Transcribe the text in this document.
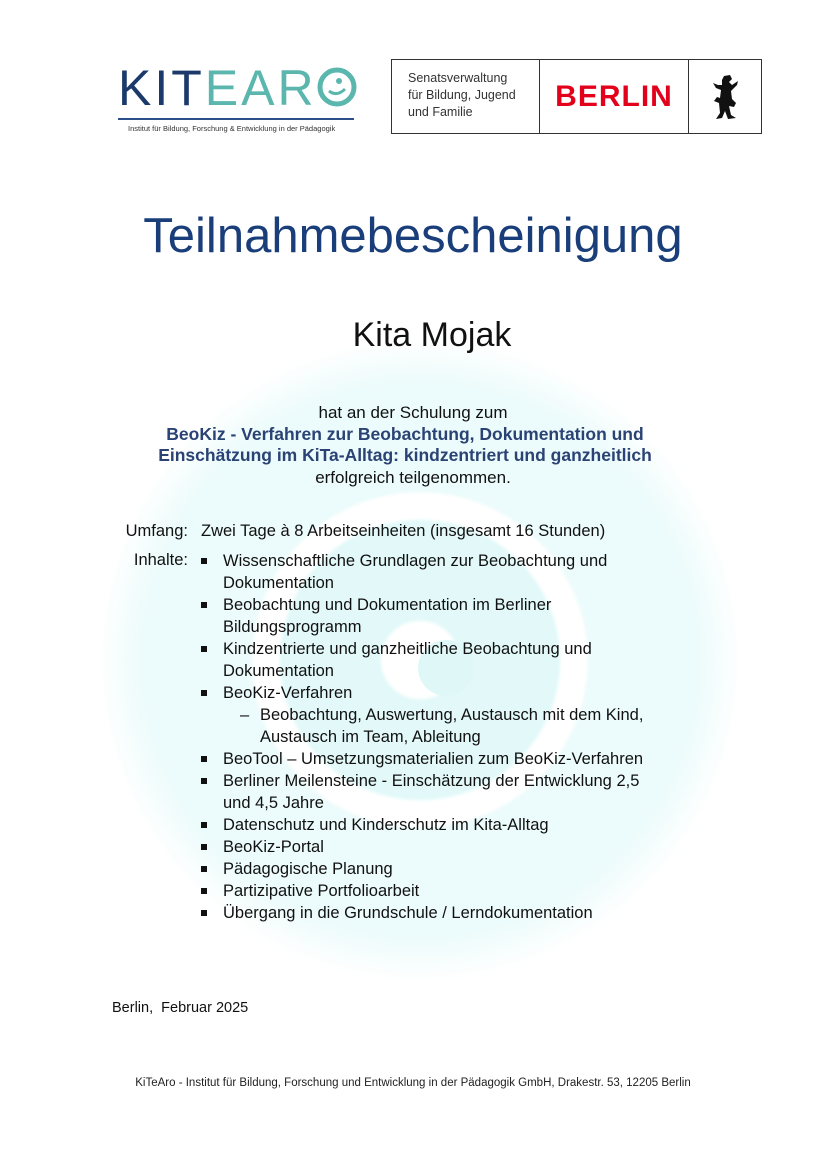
KITEAR
Institut für Bildung, Forschung & Entwicklung in der Pädagogik
Senatsverwaltung
für Bildung, Jugend
und Familie	BERLIN
Teilnahmebescheinigung
Kita Mojak
hat an der Schulung zum
BeoKiz - Verfahren zur Beobachtung, Dokumentation und
Einschätzung im KiTa-Alltag: kindzentriert und ganzheitlich
erfolgreich teilgenommen.
Umfang: Zwei Tage à 8 Arbeitseinheiten (insgesamt 16 Stunden)
Inhalte: Wissenschaftliche Grundlagen zur Beobachtung und Dokumentation
Beobachtung und Dokumentation im Berliner Bildungsprogramm
Kindzentrierte und ganzheitliche Beobachtung und Dokumentation
BeoKiz-Verfahren
– Beobachtung, Auswertung, Austausch mit dem Kind, Austausch im Team, Ableitung
BeoTool – Umsetzungsmaterialien zum BeoKiz-Verfahren
Berliner Meilensteine - Einschätzung der Entwicklung 2,5 und 4,5 Jahre
Datenschutz und Kinderschutz im Kita-Alltag
BeoKiz-Portal
Pädagogische Planung
Partizipative Portfolioarbeit
Übergang in die Grundschule / Lerndokumentation
Berlin,  Februar 2025
KiTeAro - Institut für Bildung, Forschung und Entwicklung in der Pädagogik GmbH, Drakestr. 53, 12205 Berlin
